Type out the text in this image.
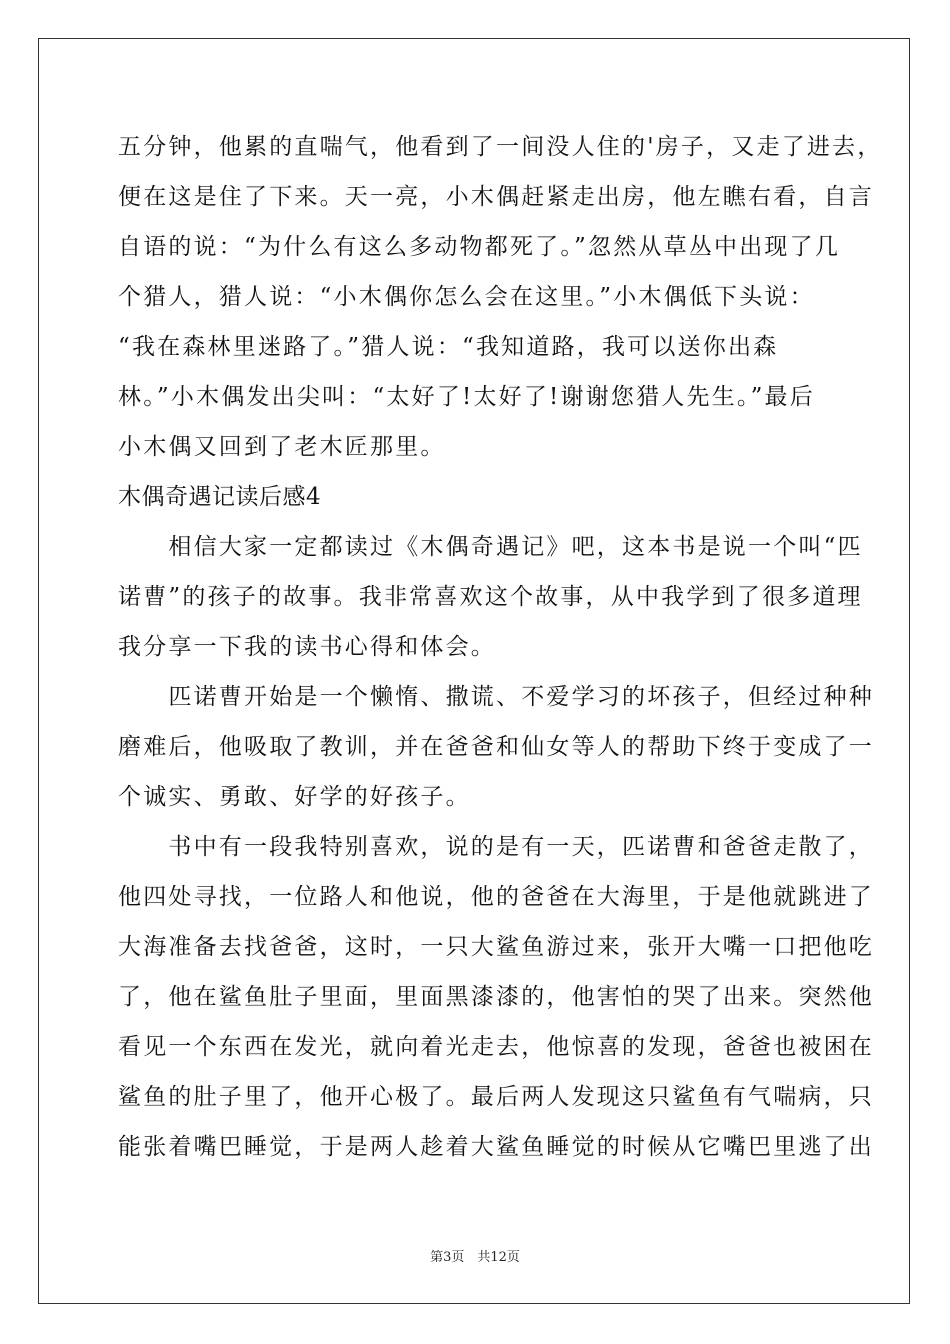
五分钟，他累的直喘气，他看到了一间没人住的'房子，又走了进去，
便在这是住了下来。天一亮，小木偶赶紧走出房，他左瞧右看，自言
自语的说：“为什么有这么多动物都死了。”忽然从草丛中出现了几
个猎人，猎人说：“小木偶你怎么会在这里。”小木偶低下头说：
“我在森林里迷路了。”猎人说：“我知道路，我可以送你出森
林。”小木偶发出尖叫：“太好了!太好了!谢谢您猎人先生。”最后
小木偶又回到了老木匠那里。
木偶奇遇记读后感4
　　相信大家一定都读过《木偶奇遇记》吧，这本书是说一个叫“匹
诺曹”的孩子的故事。我非常喜欢这个故事，从中我学到了很多道理
我分享一下我的读书心得和体会。
　　匹诺曹开始是一个懒惰、撒谎、不爱学习的坏孩子，但经过种种
磨难后，他吸取了教训，并在爸爸和仙女等人的帮助下终于变成了一
个诚实、勇敢、好学的好孩子。
　　书中有一段我特别喜欢，说的是有一天，匹诺曹和爸爸走散了，
他四处寻找，一位路人和他说，他的爸爸在大海里，于是他就跳进了
大海准备去找爸爸，这时，一只大鲨鱼游过来，张开大嘴一口把他吃
了，他在鲨鱼肚子里面，里面黑漆漆的，他害怕的哭了出来。突然他
看见一个东西在发光，就向着光走去，他惊喜的发现，爸爸也被困在
鲨鱼的肚子里了，他开心极了。最后两人发现这只鲨鱼有气喘病，只
能张着嘴巴睡觉，于是两人趁着大鲨鱼睡觉的时候从它嘴巴里逃了出
第3页　共12页
